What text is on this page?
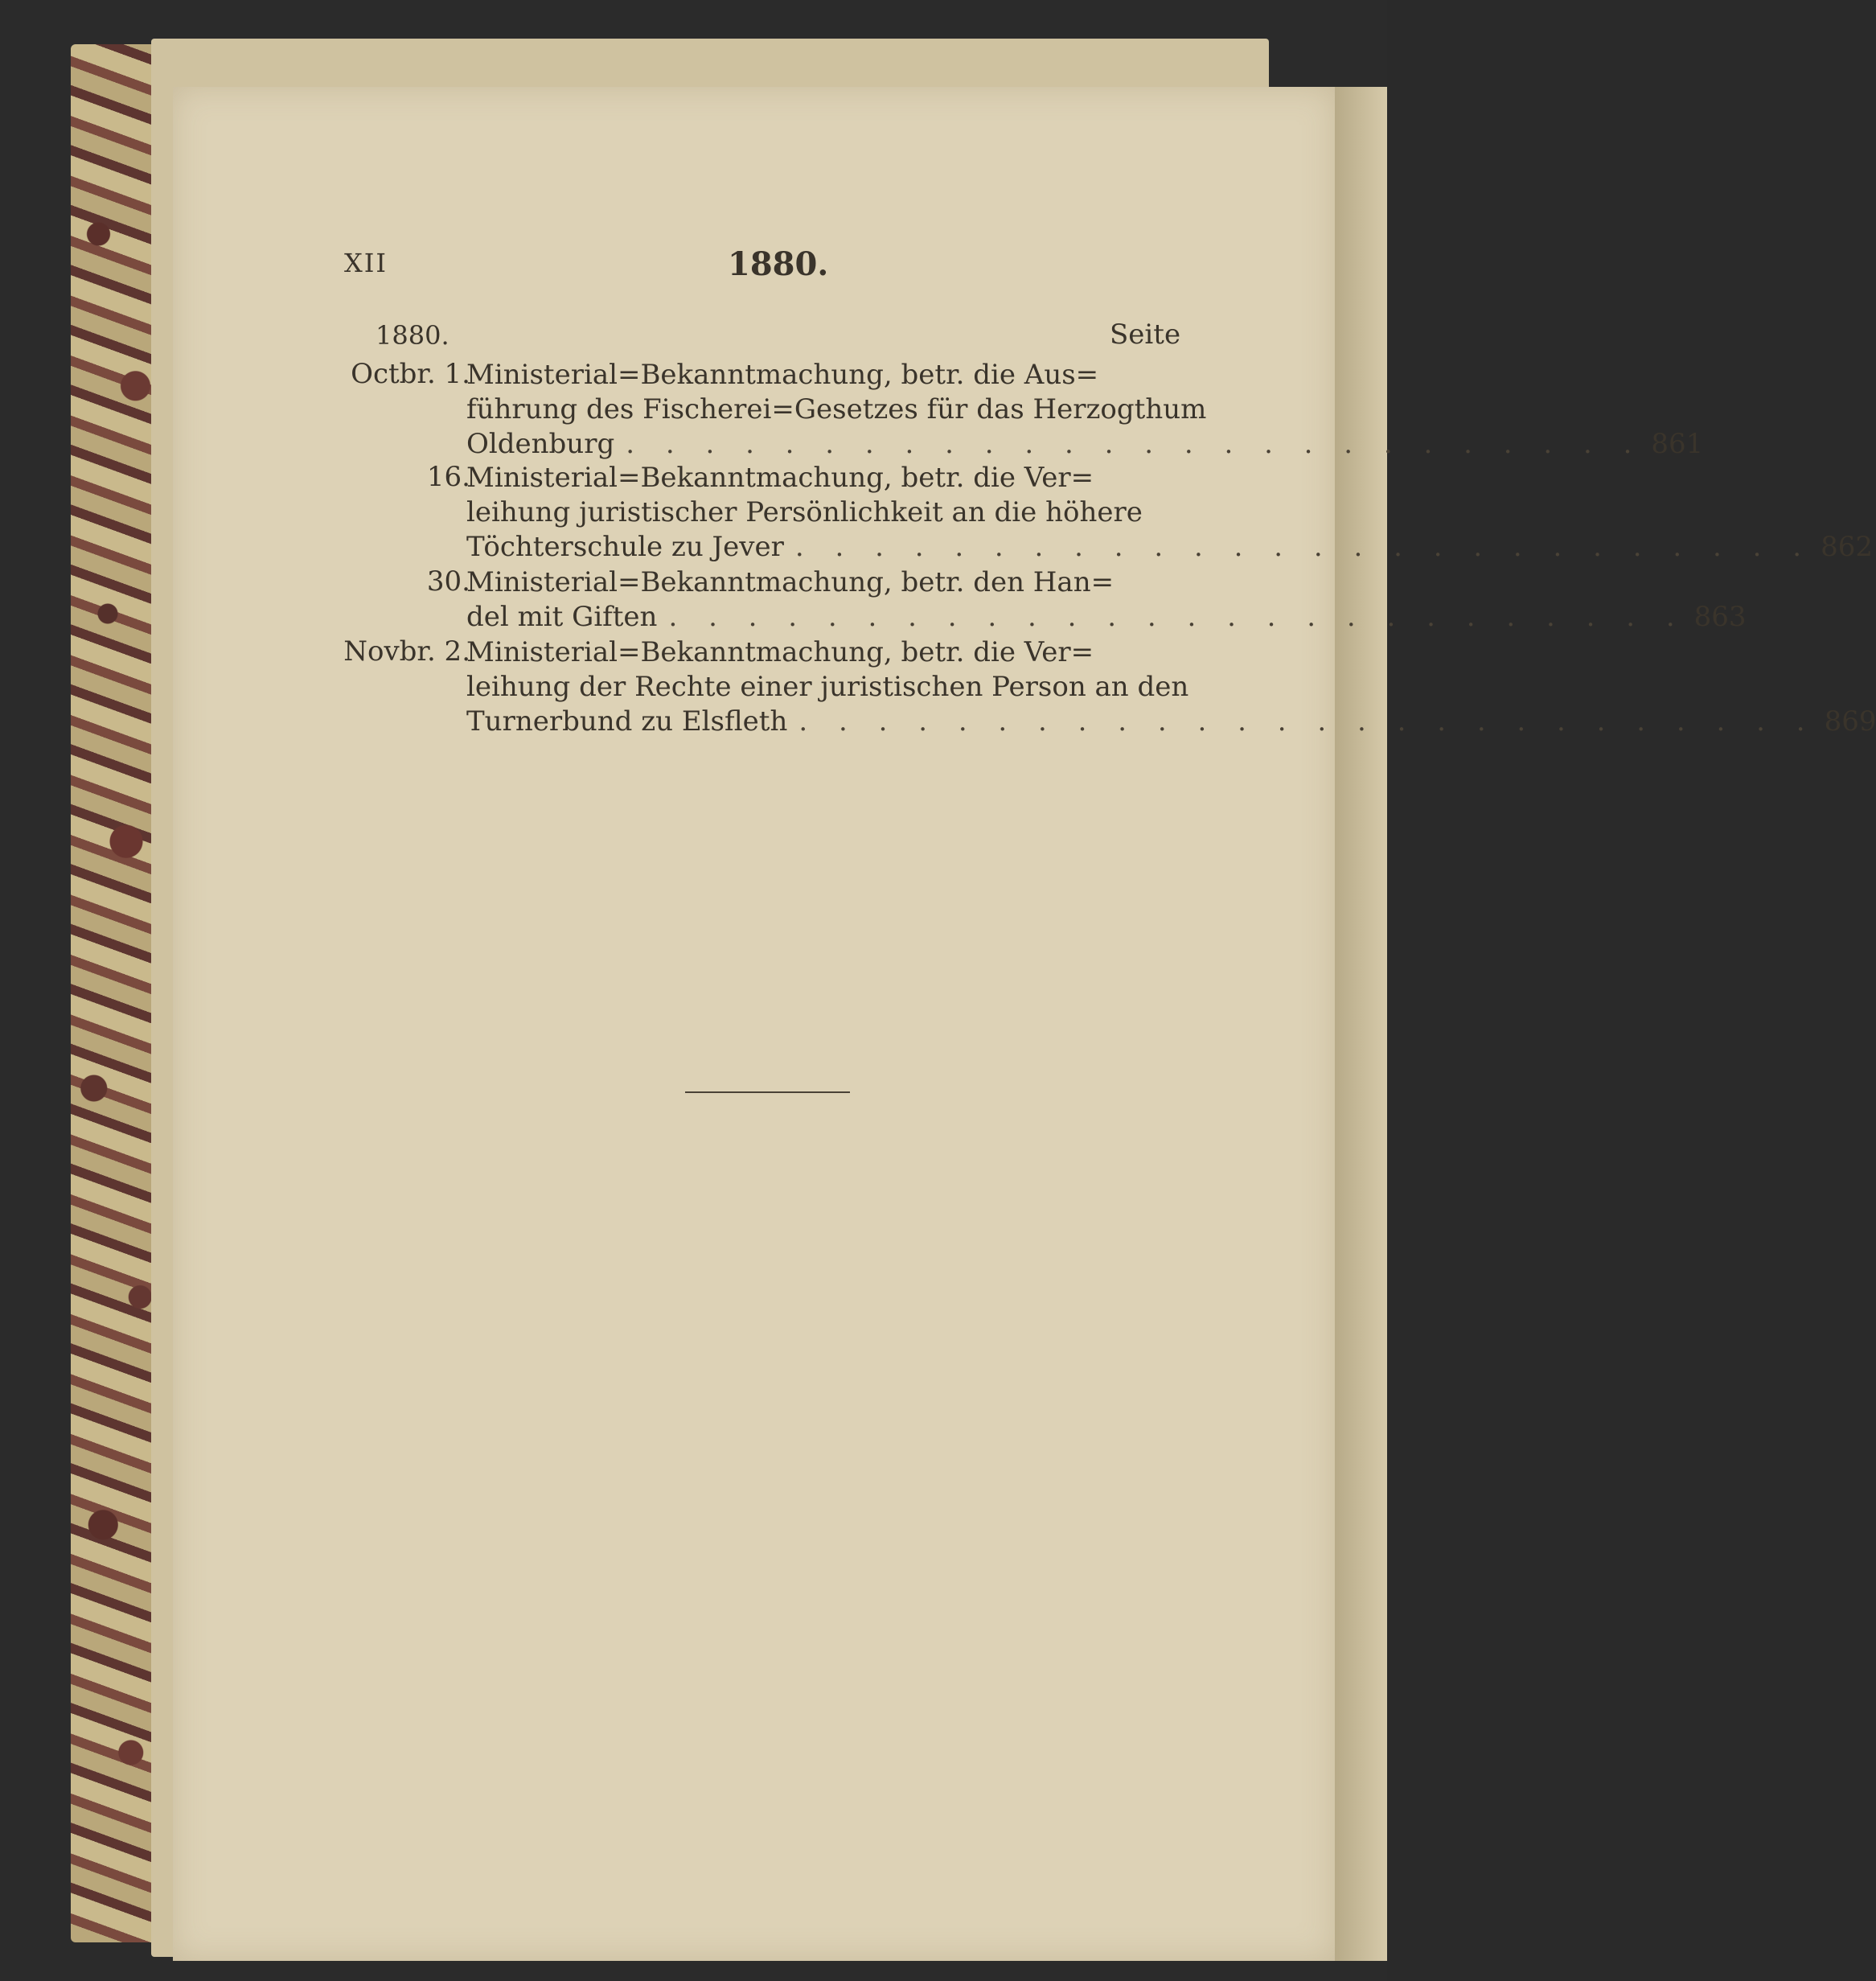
XII	1880.
1880.	Seite
Octbr. 1.
Ministerial=Bekanntmachung, betr. die Aus=
führung des Fischerei=Gesetzes für das Herzogthum
Oldenburg . . . . . . . . . . . . . . . . . . . . . . . . . . 861
16.
Ministerial=Bekanntmachung, betr. die Ver=
leihung juristischer Persönlichkeit an die höhere
Töchterschule zu Jever . . . . . . . . . . . . . . . . . . . . . . . . . . 862
30.
Ministerial=Bekanntmachung, betr. den Han=
del mit Giften . . . . . . . . . . . . . . . . . . . . . . . . . . 863
Novbr. 2.
Ministerial=Bekanntmachung, betr. die Ver=
leihung der Rechte einer juristischen Person an den
Turnerbund zu Elsfleth . . . . . . . . . . . . . . . . . . . . . . . . . . 869
